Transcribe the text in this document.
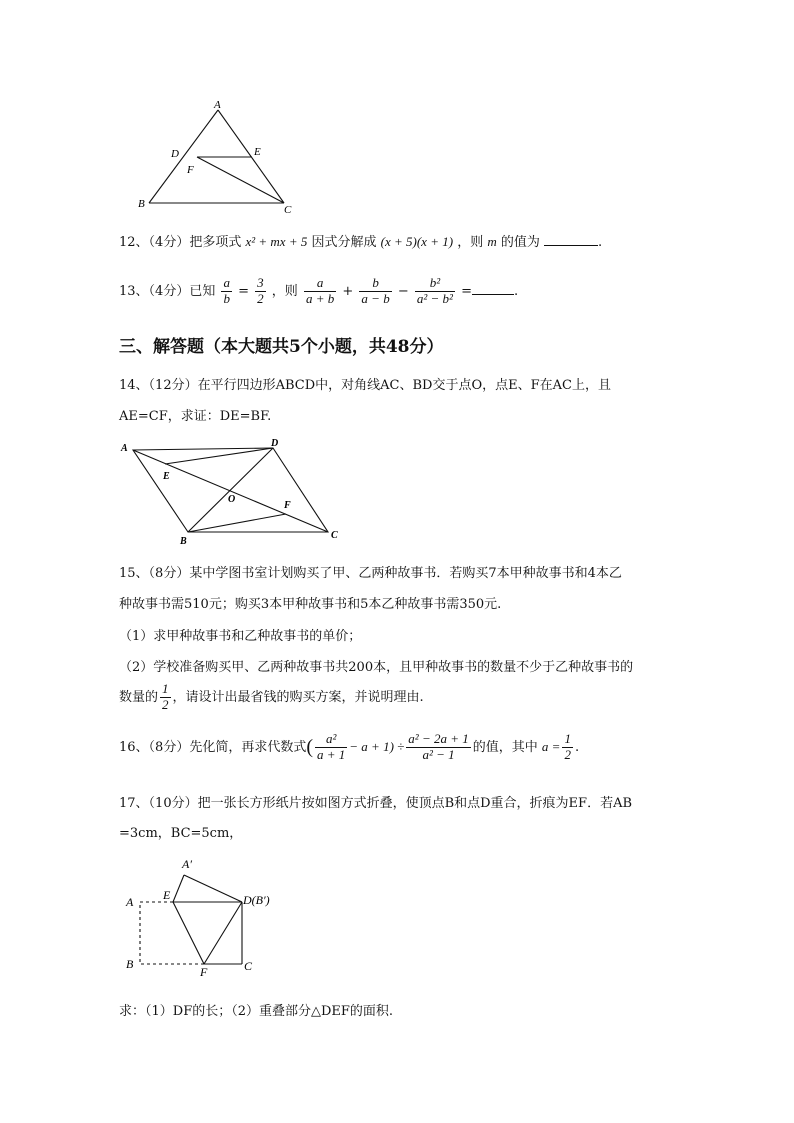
A
D	E
F
B	C
12、（4分）把多项式 x² + mx + 5 因式分解成 (x + 5)(x + 1) ，则 m 的值为	.
13、（4分）已知 $\frac{a}{b} = \frac{3}{2}$ ，则 $\frac{a}{a + b} + \frac{b}{a - b} - \frac{\text{b²}}{\text{a² − b²}}$ =	.
三、解答题（本大题共5个小题，共48分）
14、（12分）在平行四边形ABCD中，对角线AC、BD交于点O，点E、F在AC上，且
AE=CF，求证：DE=BF.
A	D
E
O
F
B
C
15、（8分）某中学图书室计划购买了甲、乙两种故事书．若购买7本甲种故事书和4本乙
种故事书需510元；购买3本甲种故事书和5本乙种故事书需350元.
（1）求甲种故事书和乙种故事书的单价；
（2）学校准备购买甲、乙两种故事书共200本，且甲种故事书的数量不少于乙种故事书的
数量的 $\frac{1}{2}$ ，请设计出最省钱的购买方案，并说明理由.
16、（8分）先化简，再求代数式( $\frac{\text{a²}}{a + 1} - a + 1) \div \frac{\text{a² − 2a + 1}}{\text{a² − 1}}$ 的值，其中 $a = \frac{1}{2}$ .
17、（10分）把一张长方形纸片按如图方式折叠，使顶点B和点D重合，折痕为EF．若AB
=3cm，BC=5cm，
A′
E	D(B′)
A
B
F	C
求：（1）DF的长；（2）重叠部分△DEF的面积.
